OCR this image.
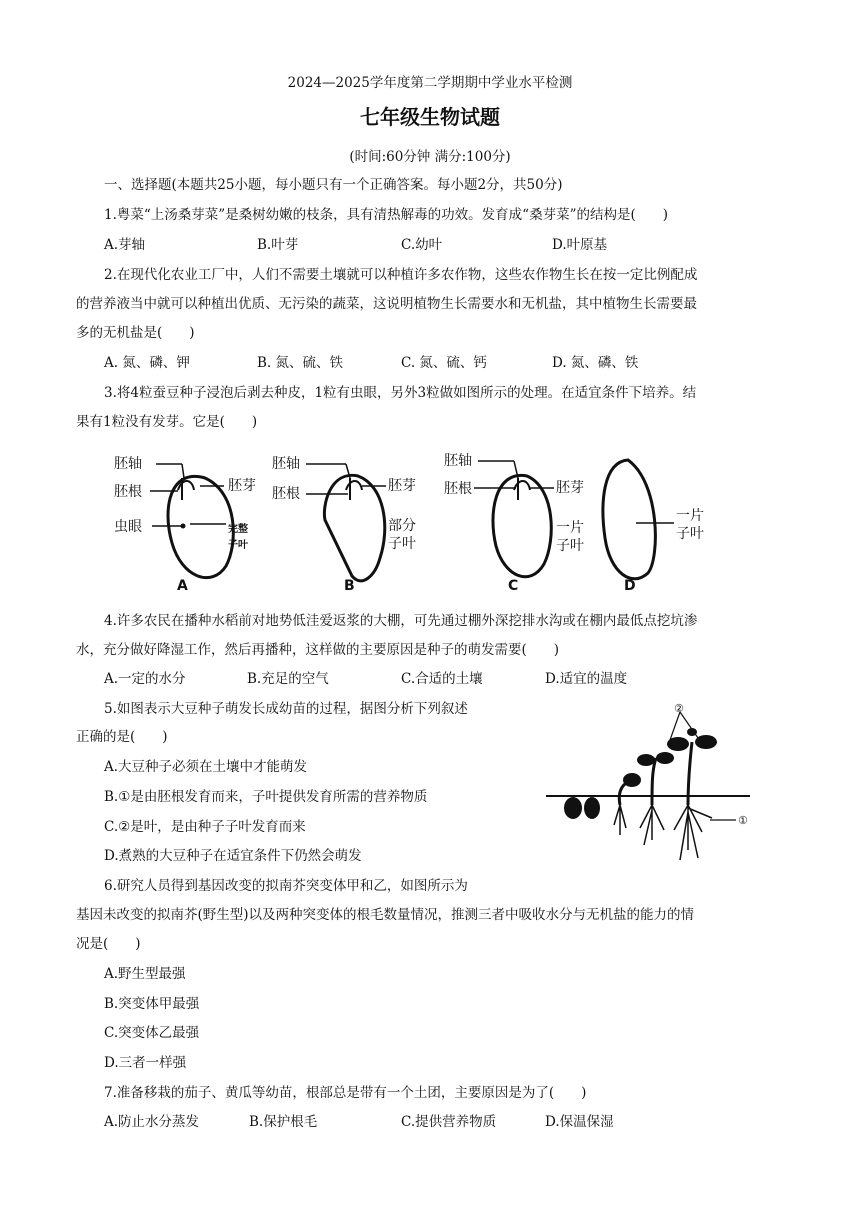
2024—2025学年度第二学期期中学业水平检测
七年级生物试题
(时间:60分钟 满分:100分)
一、选择题(本题共25小题，每小题只有一个正确答案。每小题2分，共50分)
1.粤菜“上汤桑芽菜”是桑树幼嫩的枝条，具有清热解毒的功效。发育成“桑芽菜”的结构是(　　)
A.芽轴	B.叶芽	C.幼叶	D.叶原基
2.在现代化农业工厂中，人们不需要土壤就可以种植许多农作物，这些农作物生长在按一定比例配成
的营养液当中就可以种植出优质、无污染的蔬菜，这说明植物生长需要水和无机盐，其中植物生长需要最
多的无机盐是(　　)
A. 氮、磷、钾	B. 氮、硫、铁	C. 氮、硫、钙	D. 氮、磷、铁
3.将4粒蚕豆种子浸泡后剥去种皮，1粒有虫眼，另外3粒做如图所示的处理。在适宜条件下培养。结
果有1粒没有发芽。它是(　　)
胚轴
胚根
虫眼
胚芽
完整
子叶
A
胚轴
胚根	胚芽
部分
子叶
B
胚轴
胚根	胚芽
一片
子叶
C
一片
子叶
D
4.许多农民在播种水稻前对地势低洼爱返浆的大棚，可先通过棚外深挖排水沟或在棚内最低点挖坑渗
水，充分做好降湿工作，然后再播种，这样做的主要原因是种子的萌发需要(　　)
A.一定的水分	B.充足的空气	C.合适的土壤	D.适宜的温度
5.如图表示大豆种子萌发长成幼苗的过程，据图分析下列叙述
正确的是(　　)
A.大豆种子必须在土壤中才能萌发
B.①是由胚根发育而来，子叶提供发育所需的营养物质
C.②是叶，是由种子子叶发育而来
D.煮熟的大豆种子在适宜条件下仍然会萌发
②
①
6.研究人员得到基因改变的拟南芥突变体甲和乙，如图所示为
基因未改变的拟南芥(野生型)以及两种突变体的根毛数量情况，推测三者中吸收水分与无机盐的能力的情
况是(　　)
A.野生型最强
B.突变体甲最强
C.突变体乙最强
D.三者一样强
7.准备移栽的茄子、黄瓜等幼苗，根部总是带有一个土团，主要原因是为了(　　)
A.防止水分蒸发	B.保护根毛	C.提供营养物质	D.保温保湿
